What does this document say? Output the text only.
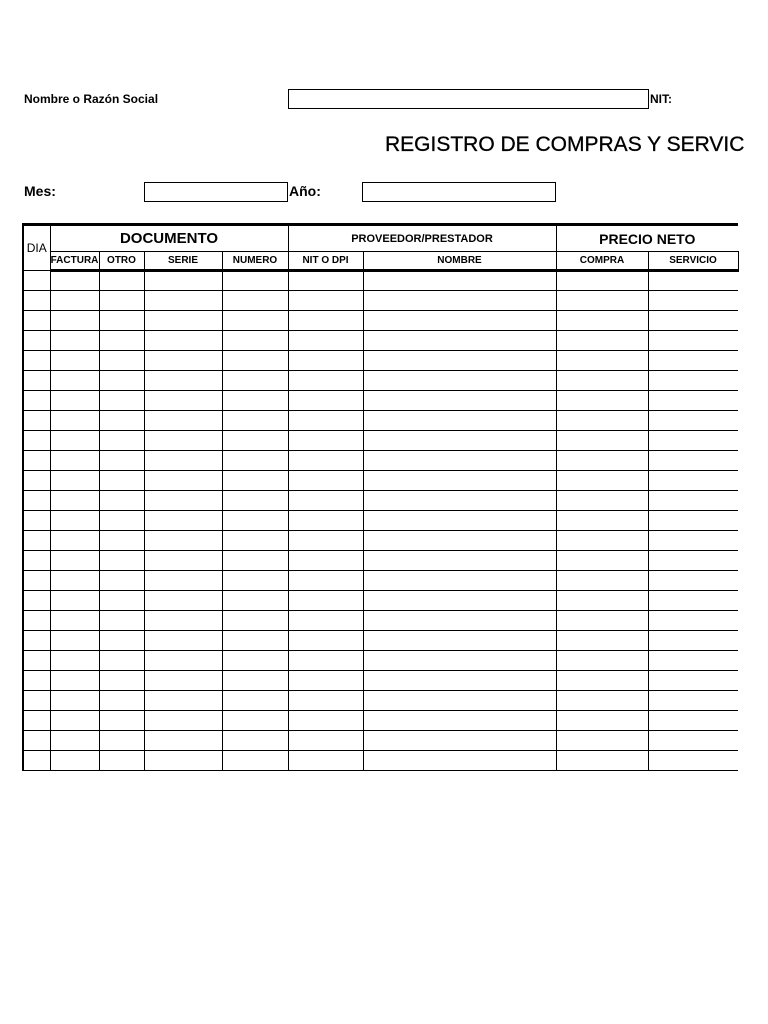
Nombre o Razón Social	NIT:
REGISTRO DE COMPRAS Y SERVIC
Mes:	Año:
DIA	DOCUMENTO				PROVEEDOR/PRESTADOR		PRECIO NETO	
	FACTURA	OTRO	SERIE	NUMERO	NIT O DPI	NOMBRE	COMPRA	SERVICIO
